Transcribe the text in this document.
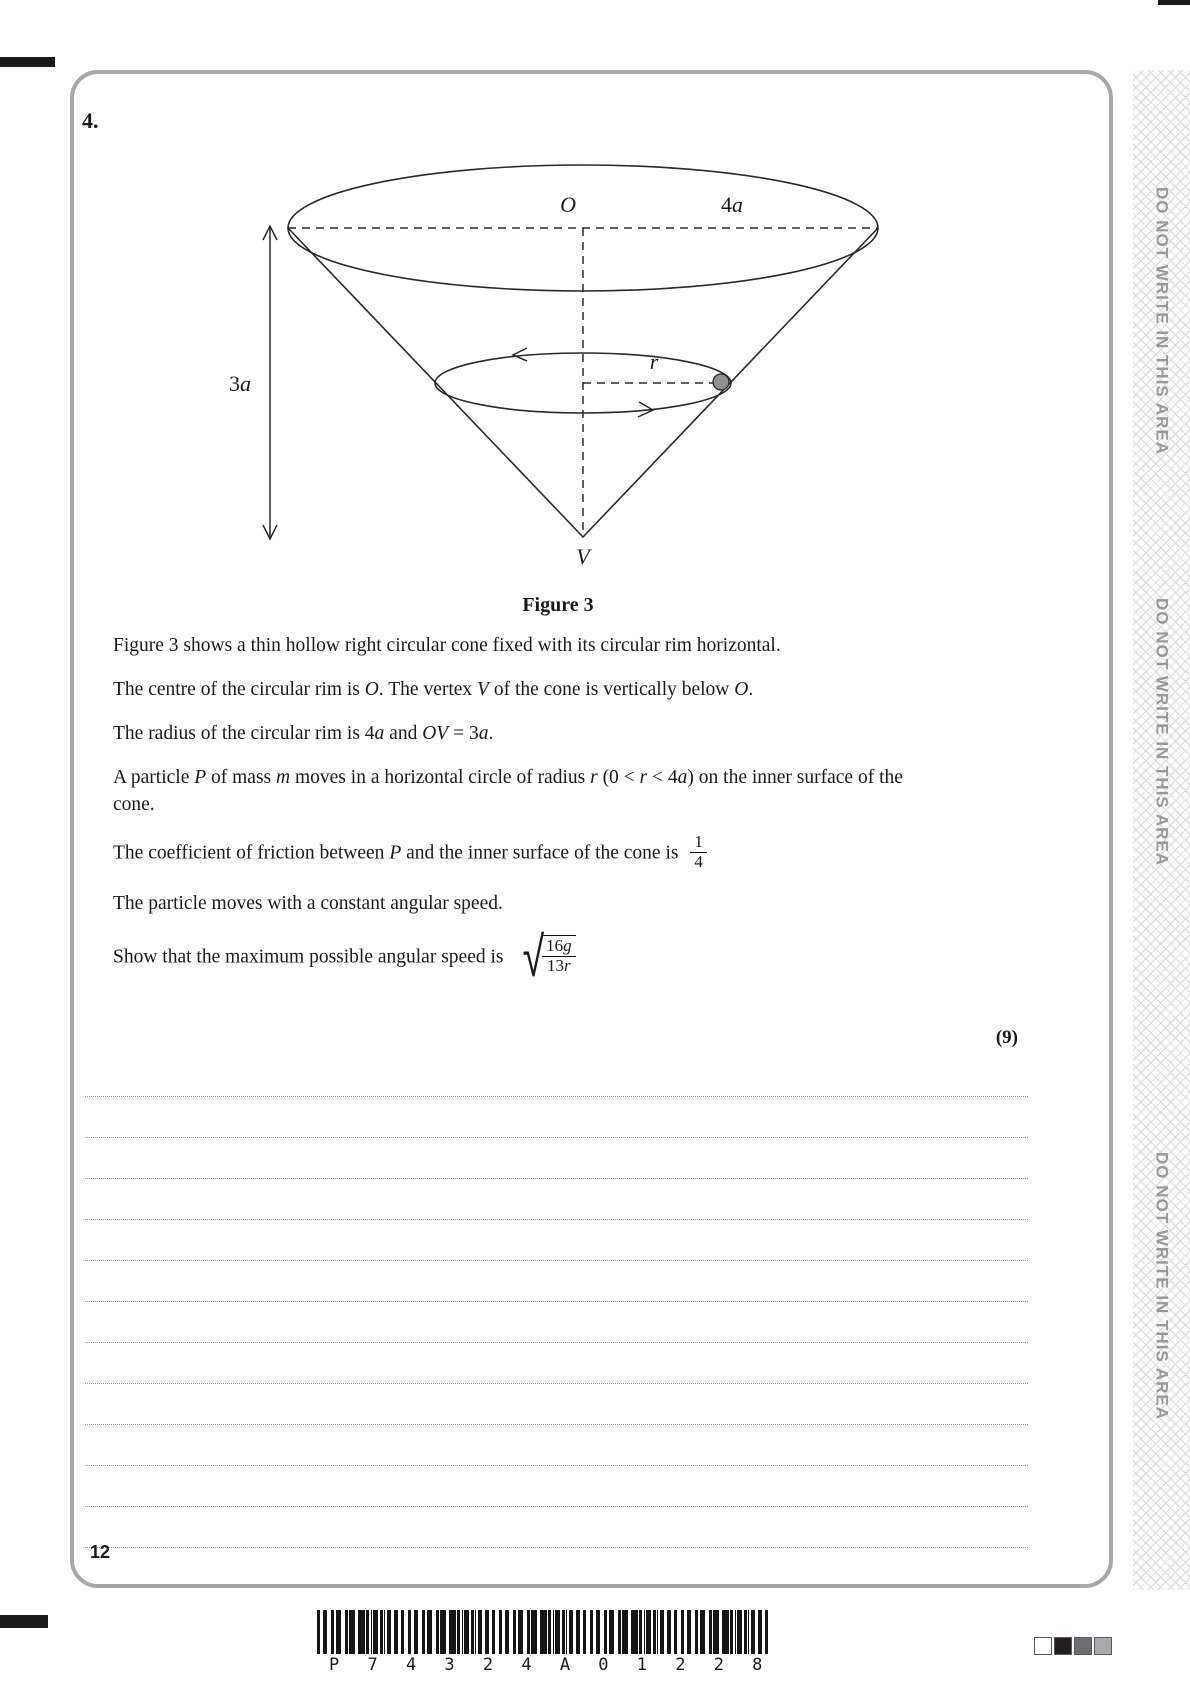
DO NOT WRITE IN THIS AREA
DO NOT WRITE IN THIS AREA
DO NOT WRITE IN THIS AREA
4.
O	4a
3a
r
V
Figure 3

Figure 3 shows a thin hollow right circular cone fixed with its circular rim horizontal.

The centre of the circular rim is O. The vertex V of the cone is vertically below O.

The radius of the circular rim is 4a and OV = 3a.

A particle P of mass m moves in a horizontal circle of radius r (0 < r < 4a) on the inner surface of the cone.

The coefficient of friction between P and the inner surface of the cone is $\frac{1}{4}$

The particle moves with a constant angular speed.

Show that the maximum possible angular speed is √
$\frac{16g}{13r}$

(9)
12
P 7 4 3 2 4 A 0 1 2 2 8
